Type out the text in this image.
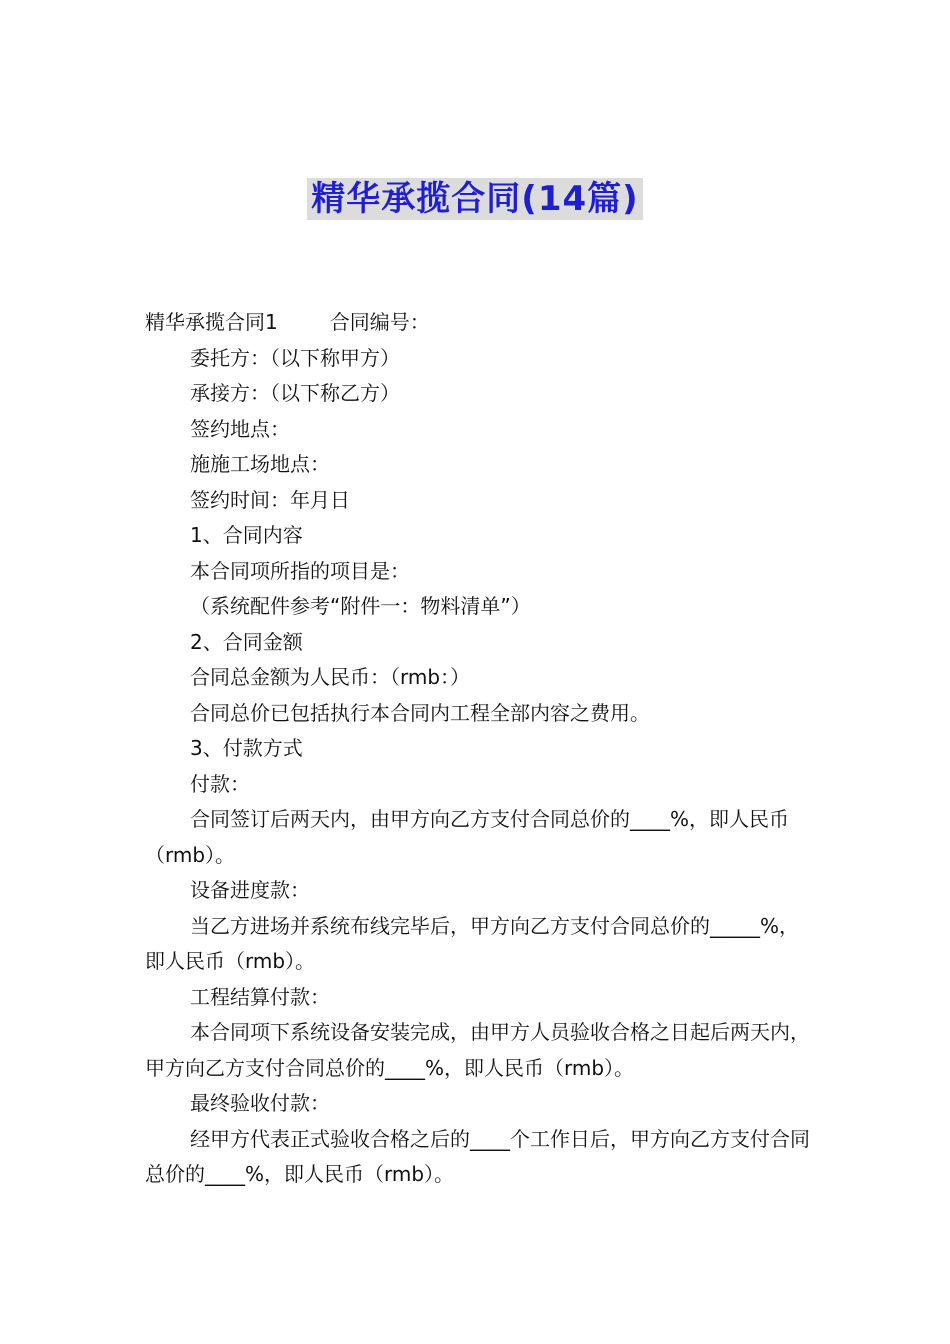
精华承揽合同(14篇)

精华承揽合同1	合同编号：

委托方：（以下称甲方）

承接方：（以下称乙方）

签约地点：

施施工场地点：

签约时间：年月日

1、合同内容

本合同项所指的项目是：

（系统配件参考“附件一：物料清单”）

2、合同金额

合同总金额为人民币：（rmb：）

合同总价已包括执行本合同内工程全部内容之费用。

3、付款方式

付款：

合同签订后两天内，由甲方向乙方支付合同总价的____%，即人民币（rmb）。

设备进度款：

当乙方进场并系统布线完毕后，甲方向乙方支付合同总价的_____%，即人民币（rmb）。

工程结算付款：

本合同项下系统设备安装完成，由甲方人员验收合格之日起后两天内，甲方向乙方支付合同总价的____%，即人民币（rmb）。

最终验收付款：

经甲方代表正式验收合格之后的____个工作日后，甲方向乙方支付合同总价的____%，即人民币（rmb）。
